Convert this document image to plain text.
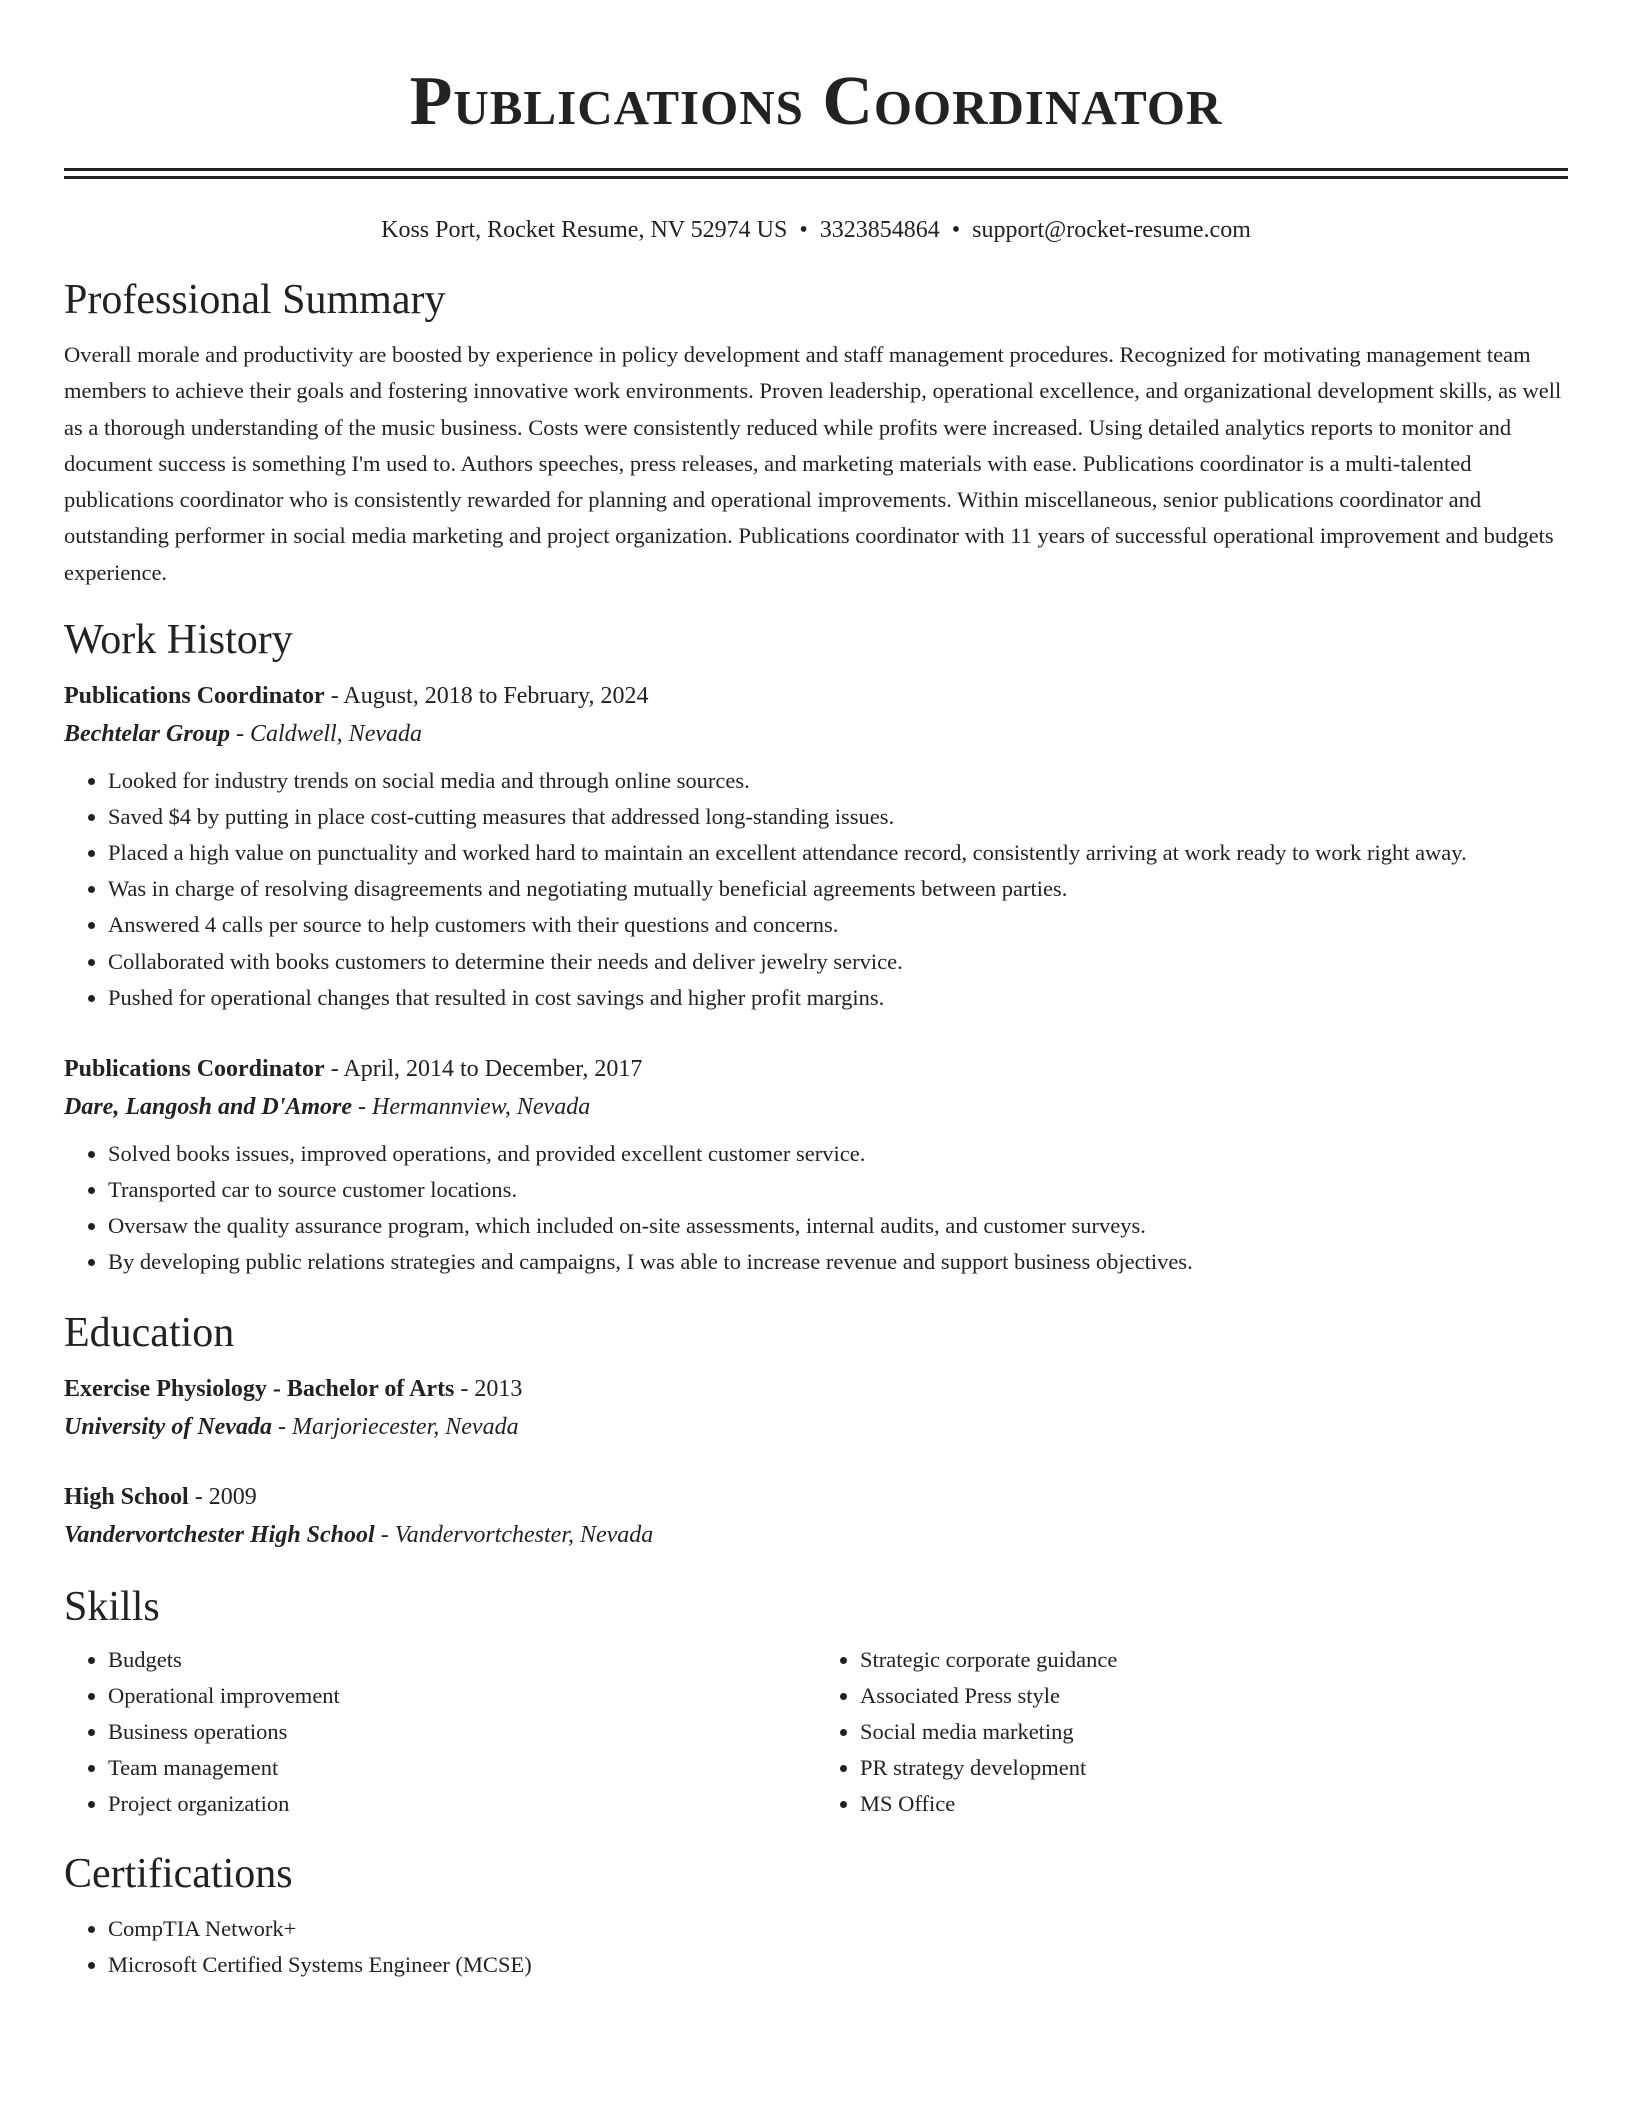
Publications Coordinator
Koss Port, Rocket Resume, NV 52974 US • 3323854864 • support@rocket-resume.com
Professional Summary
Overall morale and productivity are boosted by experience in policy development and staff management procedures. Recognized for motivating management team members to achieve their goals and fostering innovative work environments. Proven leadership, operational excellence, and organizational development skills, as well as a thorough understanding of the music business. Costs were consistently reduced while profits were increased. Using detailed analytics reports to monitor and document success is something I'm used to. Authors speeches, press releases, and marketing materials with ease. Publications coordinator is a multi-talented publications coordinator who is consistently rewarded for planning and operational improvements. Within miscellaneous, senior publications coordinator and outstanding performer in social media marketing and project organization. Publications coordinator with 11 years of successful operational improvement and budgets experience.
Work History
Publications Coordinator - August, 2018 to February, 2024
Bechtelar Group - Caldwell, Nevada
• Looked for industry trends on social media and through online sources.
• Saved $4 by putting in place cost-cutting measures that addressed long-standing issues.
• Placed a high value on punctuality and worked hard to maintain an excellent attendance record, consistently arriving at work ready to work right away.
• Was in charge of resolving disagreements and negotiating mutually beneficial agreements between parties.
• Answered 4 calls per source to help customers with their questions and concerns.
• Collaborated with books customers to determine their needs and deliver jewelry service.
• Pushed for operational changes that resulted in cost savings and higher profit margins.
Publications Coordinator - April, 2014 to December, 2017
Dare, Langosh and D'Amore - Hermannview, Nevada
• Solved books issues, improved operations, and provided excellent customer service.
• Transported car to source customer locations.
• Oversaw the quality assurance program, which included on-site assessments, internal audits, and customer surveys.
• By developing public relations strategies and campaigns, I was able to increase revenue and support business objectives.
Education
Exercise Physiology - Bachelor of Arts - 2013
University of Nevada - Marjoriecester, Nevada
High School - 2009
Vandervortchester High School - Vandervortchester, Nevada
Skills
• Budgets
• Operational improvement
• Business operations
• Team management
• Project organization
• Strategic corporate guidance
• Associated Press style
• Social media marketing
• PR strategy development
• MS Office
Certifications
• CompTIA Network+
• Microsoft Certified Systems Engineer (MCSE)
